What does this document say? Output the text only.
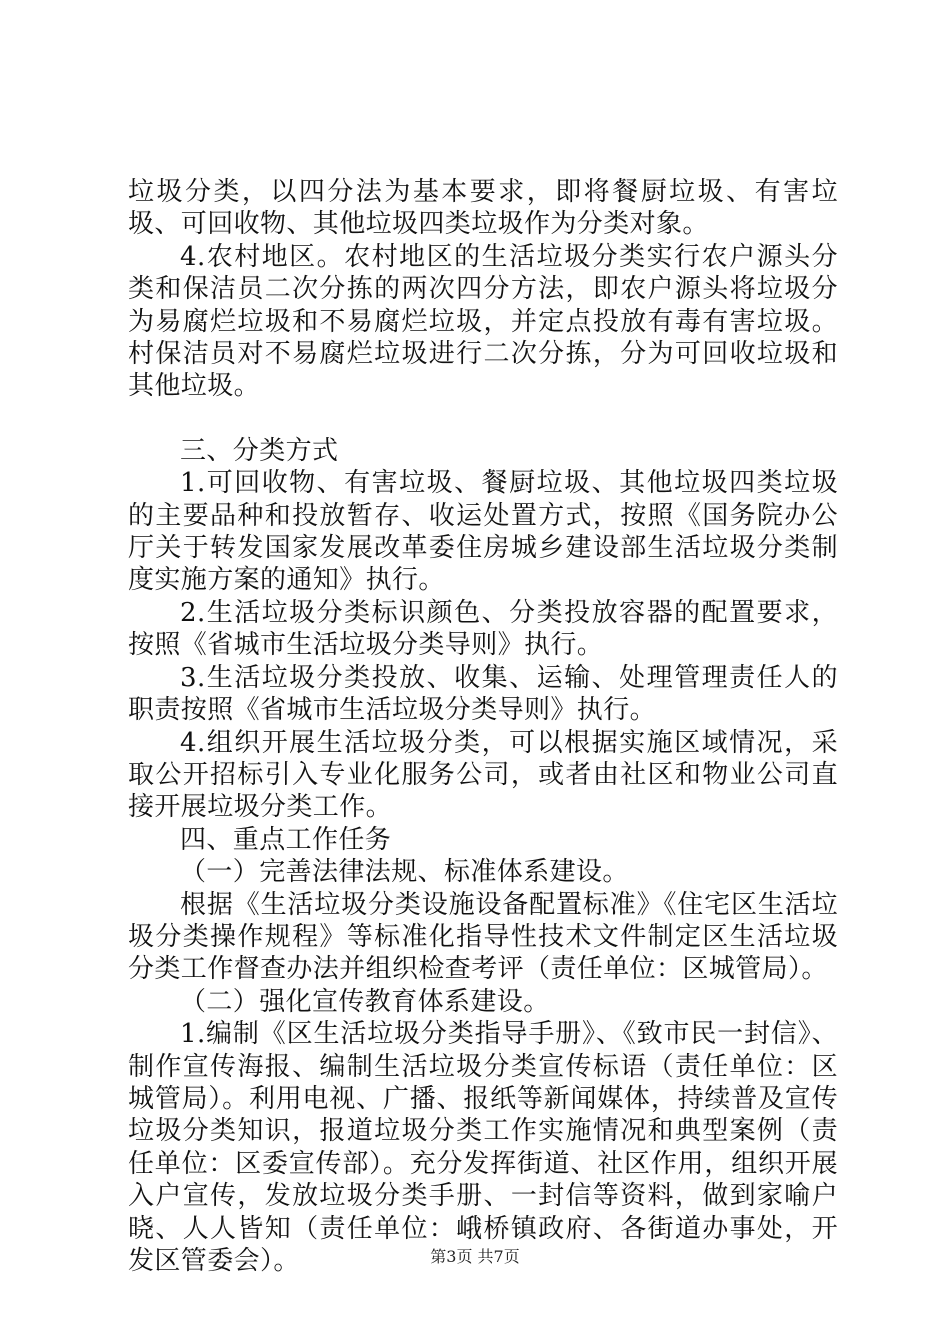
垃圾分类，以四分法为基本要求，即将餐厨垃圾、有害垃圾、可回收物、其他垃圾四类垃圾作为分类对象。

4.农村地区。农村地区的生活垃圾分类实行农户源头分类和保洁员二次分拣的两次四分方法，即农户源头将垃圾分为易腐烂垃圾和不易腐烂垃圾，并定点投放有毒有害垃圾。村保洁员对不易腐烂垃圾进行二次分拣，分为可回收垃圾和其他垃圾。

三、分类方式

1.可回收物、有害垃圾、餐厨垃圾、其他垃圾四类垃圾的主要品种和投放暂存、收运处置方式，按照《国务院办公厅关于转发国家发展改革委住房城乡建设部生活垃圾分类制度实施方案的通知》执行。

2.生活垃圾分类标识颜色、分类投放容器的配置要求，按照《省城市生活垃圾分类导则》执行。

3.生活垃圾分类投放、收集、运输、处理管理责任人的职责按照《省城市生活垃圾分类导则》执行。

4.组织开展生活垃圾分类，可以根据实施区域情况，采取公开招标引入专业化服务公司，或者由社区和物业公司直接开展垃圾分类工作。

四、重点工作任务

（一）完善法律法规、标准体系建设。

根据《生活垃圾分类设施设备配置标准》《住宅区生活垃圾分类操作规程》等标准化指导性技术文件制定区生活垃圾分类工作督查办法并组织检查考评（责任单位：区城管局）。

（二）强化宣传教育体系建设。

1.编制《区生活垃圾分类指导手册》、《致市民一封信》、制作宣传海报、编制生活垃圾分类宣传标语（责任单位：区城管局）。利用电视、广播、报纸等新闻媒体，持续普及宣传垃圾分类知识，报道垃圾分类工作实施情况和典型案例（责任单位：区委宣传部）。充分发挥街道、社区作用，组织开展入户宣传，发放垃圾分类手册、一封信等资料，做到家喻户晓、人人皆知（责任单位：峨桥镇政府、各街道办事处，开发区管委会）。	第3页 共7页
